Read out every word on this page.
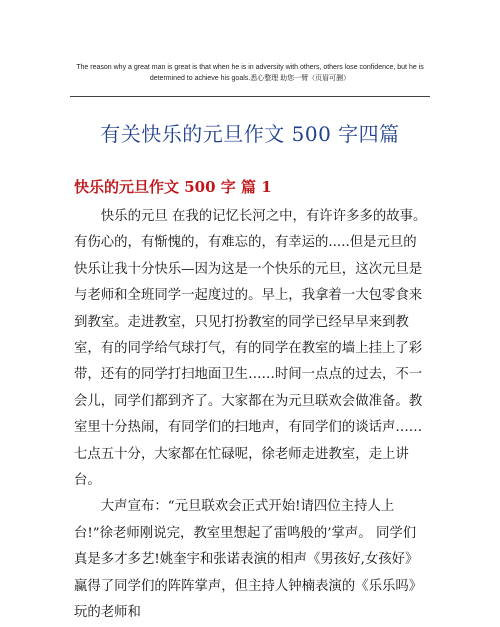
The reason why a great man is great is that when he is in adversity with others, others lose confidence, but he is
determined to achieve his goals.悉心整理 助您一臂（页眉可删）
有关快乐的元旦作文 500 字四篇
快乐的元旦作文 500 字 篇 1

快乐的元旦 在我的记忆长河之中，有许许多多的故事。有伤心的，有惭愧的，有难忘的，有幸运的.....但是元旦的快乐让我十分快乐—因为这是一个快乐的元旦，这次元旦是与老师和全班同学一起度过的。早上，我拿着一大包零食来到教室。走进教室，只见打扮教室的同学已经早早来到教室，有的同学给气球打气，有的同学在教室的墙上挂上了彩带，还有的同学打扫地面卫生……时间一点点的过去，不一会儿，同学们都到齐了。大家都在为元旦联欢会做准备。教室里十分热闹，有同学们的扫地声，有同学们的谈话声…… 七点五十分，大家都在忙碌呢，徐老师走进教室，走上讲台。

大声宣布：“元旦联欢会正式开始!请四位主持人上台!”徐老师刚说完，教室里想起了雷鸣般的’掌声。 同学们真是多才多艺!姚奎宇和张诺表演的相声《男孩好,女孩好》赢得了同学们的阵阵掌声，但主持人钟楠表演的《乐乐吗》玩的老师和
